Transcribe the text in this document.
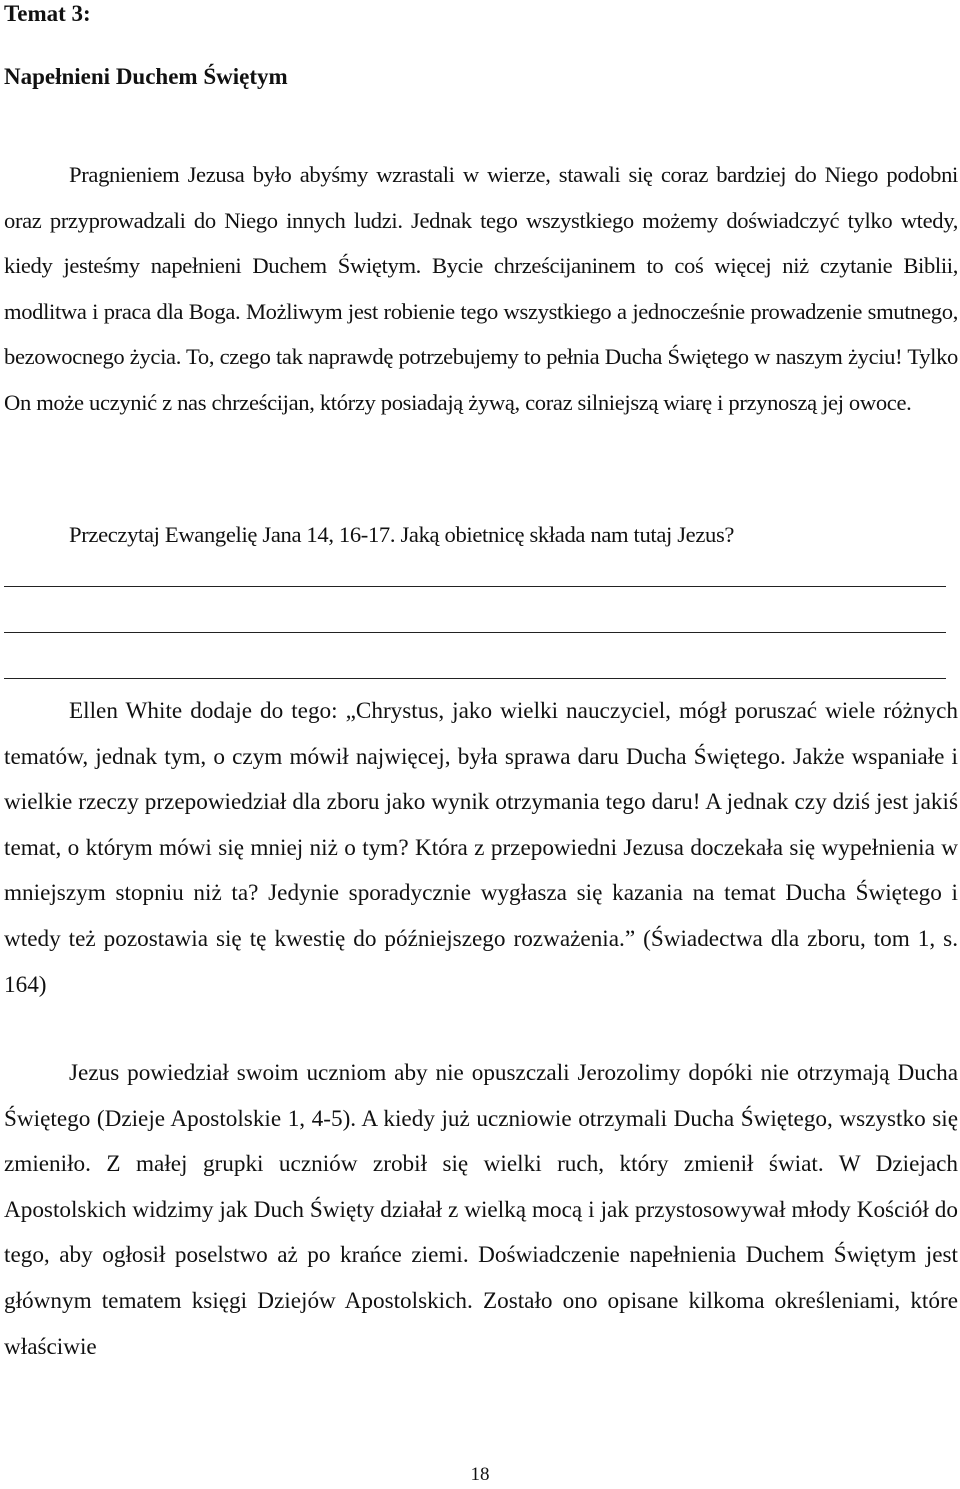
Temat 3:
Napełnieni Duchem Świętym

Pragnieniem Jezusa było abyśmy wzrastali w wierze, stawali się coraz bardziej do Niego podobni oraz przyprowadzali do Niego innych ludzi. Jednak tego wszystkiego możemy doświadczyć tylko wtedy, kiedy jesteśmy napełnieni Duchem Świętym. Bycie chrześcijaninem to coś więcej niż czytanie Biblii, modlitwa i praca dla Boga. Możliwym jest robienie tego wszystkiego a jednocześnie prowadzenie smutnego, bezowocnego życia. To, czego tak naprawdę potrzebujemy to pełnia Ducha Świętego w naszym życiu! Tylko On może uczynić z nas chrześcijan, którzy posiadają żywą, coraz silniejszą wiarę i przynoszą jej owoce.

Przeczytaj Ewangelię Jana 14, 16-17. Jaką obietnicę składa nam tutaj Jezus?

Ellen White dodaje do tego: „Chrystus, jako wielki nauczyciel, mógł poruszać wiele różnych tematów, jednak tym, o czym mówił najwięcej, była sprawa daru Ducha Świętego. Jakże wspaniałe i wielkie rzeczy przepowiedział dla zboru jako wynik otrzymania tego daru! A jednak czy dziś jest jakiś temat, o którym mówi się mniej niż o tym? Która z przepowiedni Jezusa doczekała się wypełnienia w mniejszym stopniu niż ta? Jedynie sporadycznie wygłasza się kazania na temat Ducha Świętego i wtedy też pozostawia się tę kwestię do późniejszego rozważenia.” (Świadectwa dla zboru, tom 1, s. 164)

Jezus powiedział swoim uczniom aby nie opuszczali Jerozolimy dopóki nie otrzymają Ducha Świętego (Dzieje Apostolskie 1, 4-5). A kiedy już uczniowie otrzymali Ducha Świętego, wszystko się zmieniło. Z małej grupki uczniów zrobił się wielki ruch, który zmienił świat. W Dziejach Apostolskich widzimy jak Duch Święty działał z wielką mocą i jak przystosowywał młody Kościół do tego, aby ogłosił poselstwo aż po krańce ziemi. Doświadczenie napełnienia Duchem Świętym jest głównym tematem księgi Dziejów Apostolskich. Zostało ono opisane kilkoma określeniami, które właściwie

18
